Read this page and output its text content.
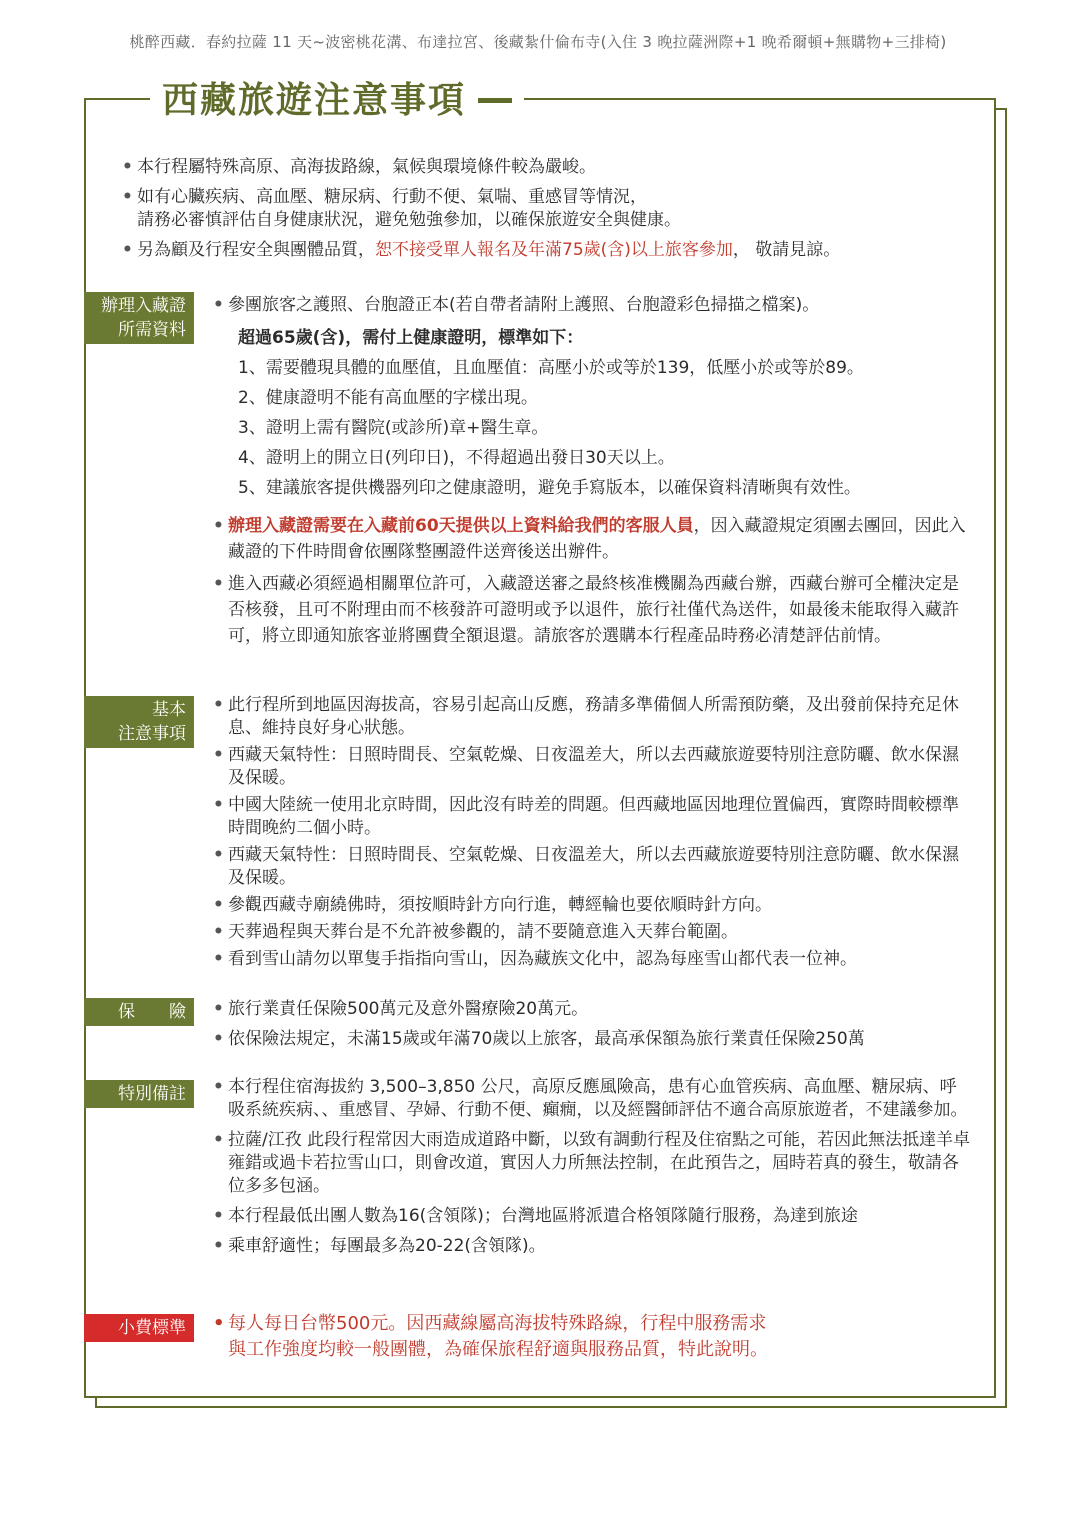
桃醉西藏．春約拉薩 11 天~波密桃花溝、布達拉宮、後藏紮什倫布寺(入住 3 晚拉薩洲際+1 晚希爾頓+無購物+三排椅)
西藏旅遊注意事項
• 本行程屬特殊高原、高海拔路線，氣候與環境條件較為嚴峻。
• 如有心臟疾病、高血壓、糖尿病、行動不便、氣喘、重感冒等情況，
請務必審慎評估自身健康狀況，避免勉強參加，以確保旅遊安全與健康。
• 另為顧及行程安全與團體品質，恕不接受單人報名及年滿75歲(含)以上旅客參加， 敬請見諒。
辦理入藏證
所需資料
• 參團旅客之護照、台胞證正本(若自帶者請附上護照、台胞證彩色掃描之檔案)。
超過65歲(含)，需付上健康證明，標準如下：
1、需要體現具體的血壓值，且血壓值：高壓小於或等於139，低壓小於或等於89。
2、健康證明不能有高血壓的字樣出現。
3、證明上需有醫院(或診所)章+醫生章。
4、證明上的開立日(列印日)，不得超過出發日30天以上。
5、建議旅客提供機器列印之健康證明，避免手寫版本，以確保資料清晰與有效性。
• 辦理入藏證需要在入藏前60天提供以上資料給我們的客服人員，因入藏證規定須團去團回，因此入藏證的下件時間會依團隊整團證件送齊後送出辦件。
• 進入西藏必須經過相關單位許可，入藏證送審之最終核准機關為西藏台辦，西藏台辦可全權決定是否核發，且可不附理由而不核發許可證明或予以退件，旅行社僅代為送件，如最後未能取得入藏許可，將立即通知旅客並將團費全額退還。請旅客於選購本行程產品時務必清楚評估前情。
基本
注意事項
• 此行程所到地區因海拔高，容易引起高山反應，務請多準備個人所需預防藥，及出發前保持充足休息、維持良好身心狀態。
• 西藏天氣特性：日照時間長、空氣乾燥、日夜溫差大，所以去西藏旅遊要特別注意防曬、飲水保濕及保暖。
• 中國大陸統一使用北京時間，因此沒有時差的問題。但西藏地區因地理位置偏西，實際時間較標準時間晚約二個小時。
• 西藏天氣特性：日照時間長、空氣乾燥、日夜溫差大，所以去西藏旅遊要特別注意防曬、飲水保濕及保暖。
• 參觀西藏寺廟繞佛時，須按順時針方向行進，轉經輪也要依順時針方向。
• 天葬過程與天葬台是不允許被參觀的，請不要隨意進入天葬台範圍。
• 看到雪山請勿以單隻手指指向雪山，因為藏族文化中，認為每座雪山都代表一位神。
保　　險	• 旅行業責任保險500萬元及意外醫療險20萬元。
• 依保險法規定，未滿15歲或年滿70歲以上旅客，最高承保額為旅行業責任保險250萬
特別備註	• 本行程住宿海拔約 3,500–3,850 公尺，高原反應風險高，患有心血管疾病、高血壓、糖尿病、呼吸系統疾病、、重感冒、孕婦、行動不便、癲癇，以及經醫師評估不適合高原旅遊者，不建議參加。
• 拉薩/江孜 此段行程常因大雨造成道路中斷，以致有調動行程及住宿點之可能，若因此無法抵達羊卓雍錯或過卡若拉雪山口，則會改道，實因人力所無法控制，在此預告之，屆時若真的發生，敬請各位多多包涵。
• 本行程最低出團人數為16(含領隊)；台灣地區將派遣合格領隊隨行服務，為達到旅途
• 乘車舒適性；每團最多為20-22(含領隊)。
小費標準	• 每人每日台幣500元。因西藏線屬高海拔特殊路線，行程中服務需求
與工作強度均較一般團體，為確保旅程舒適與服務品質，特此說明。
